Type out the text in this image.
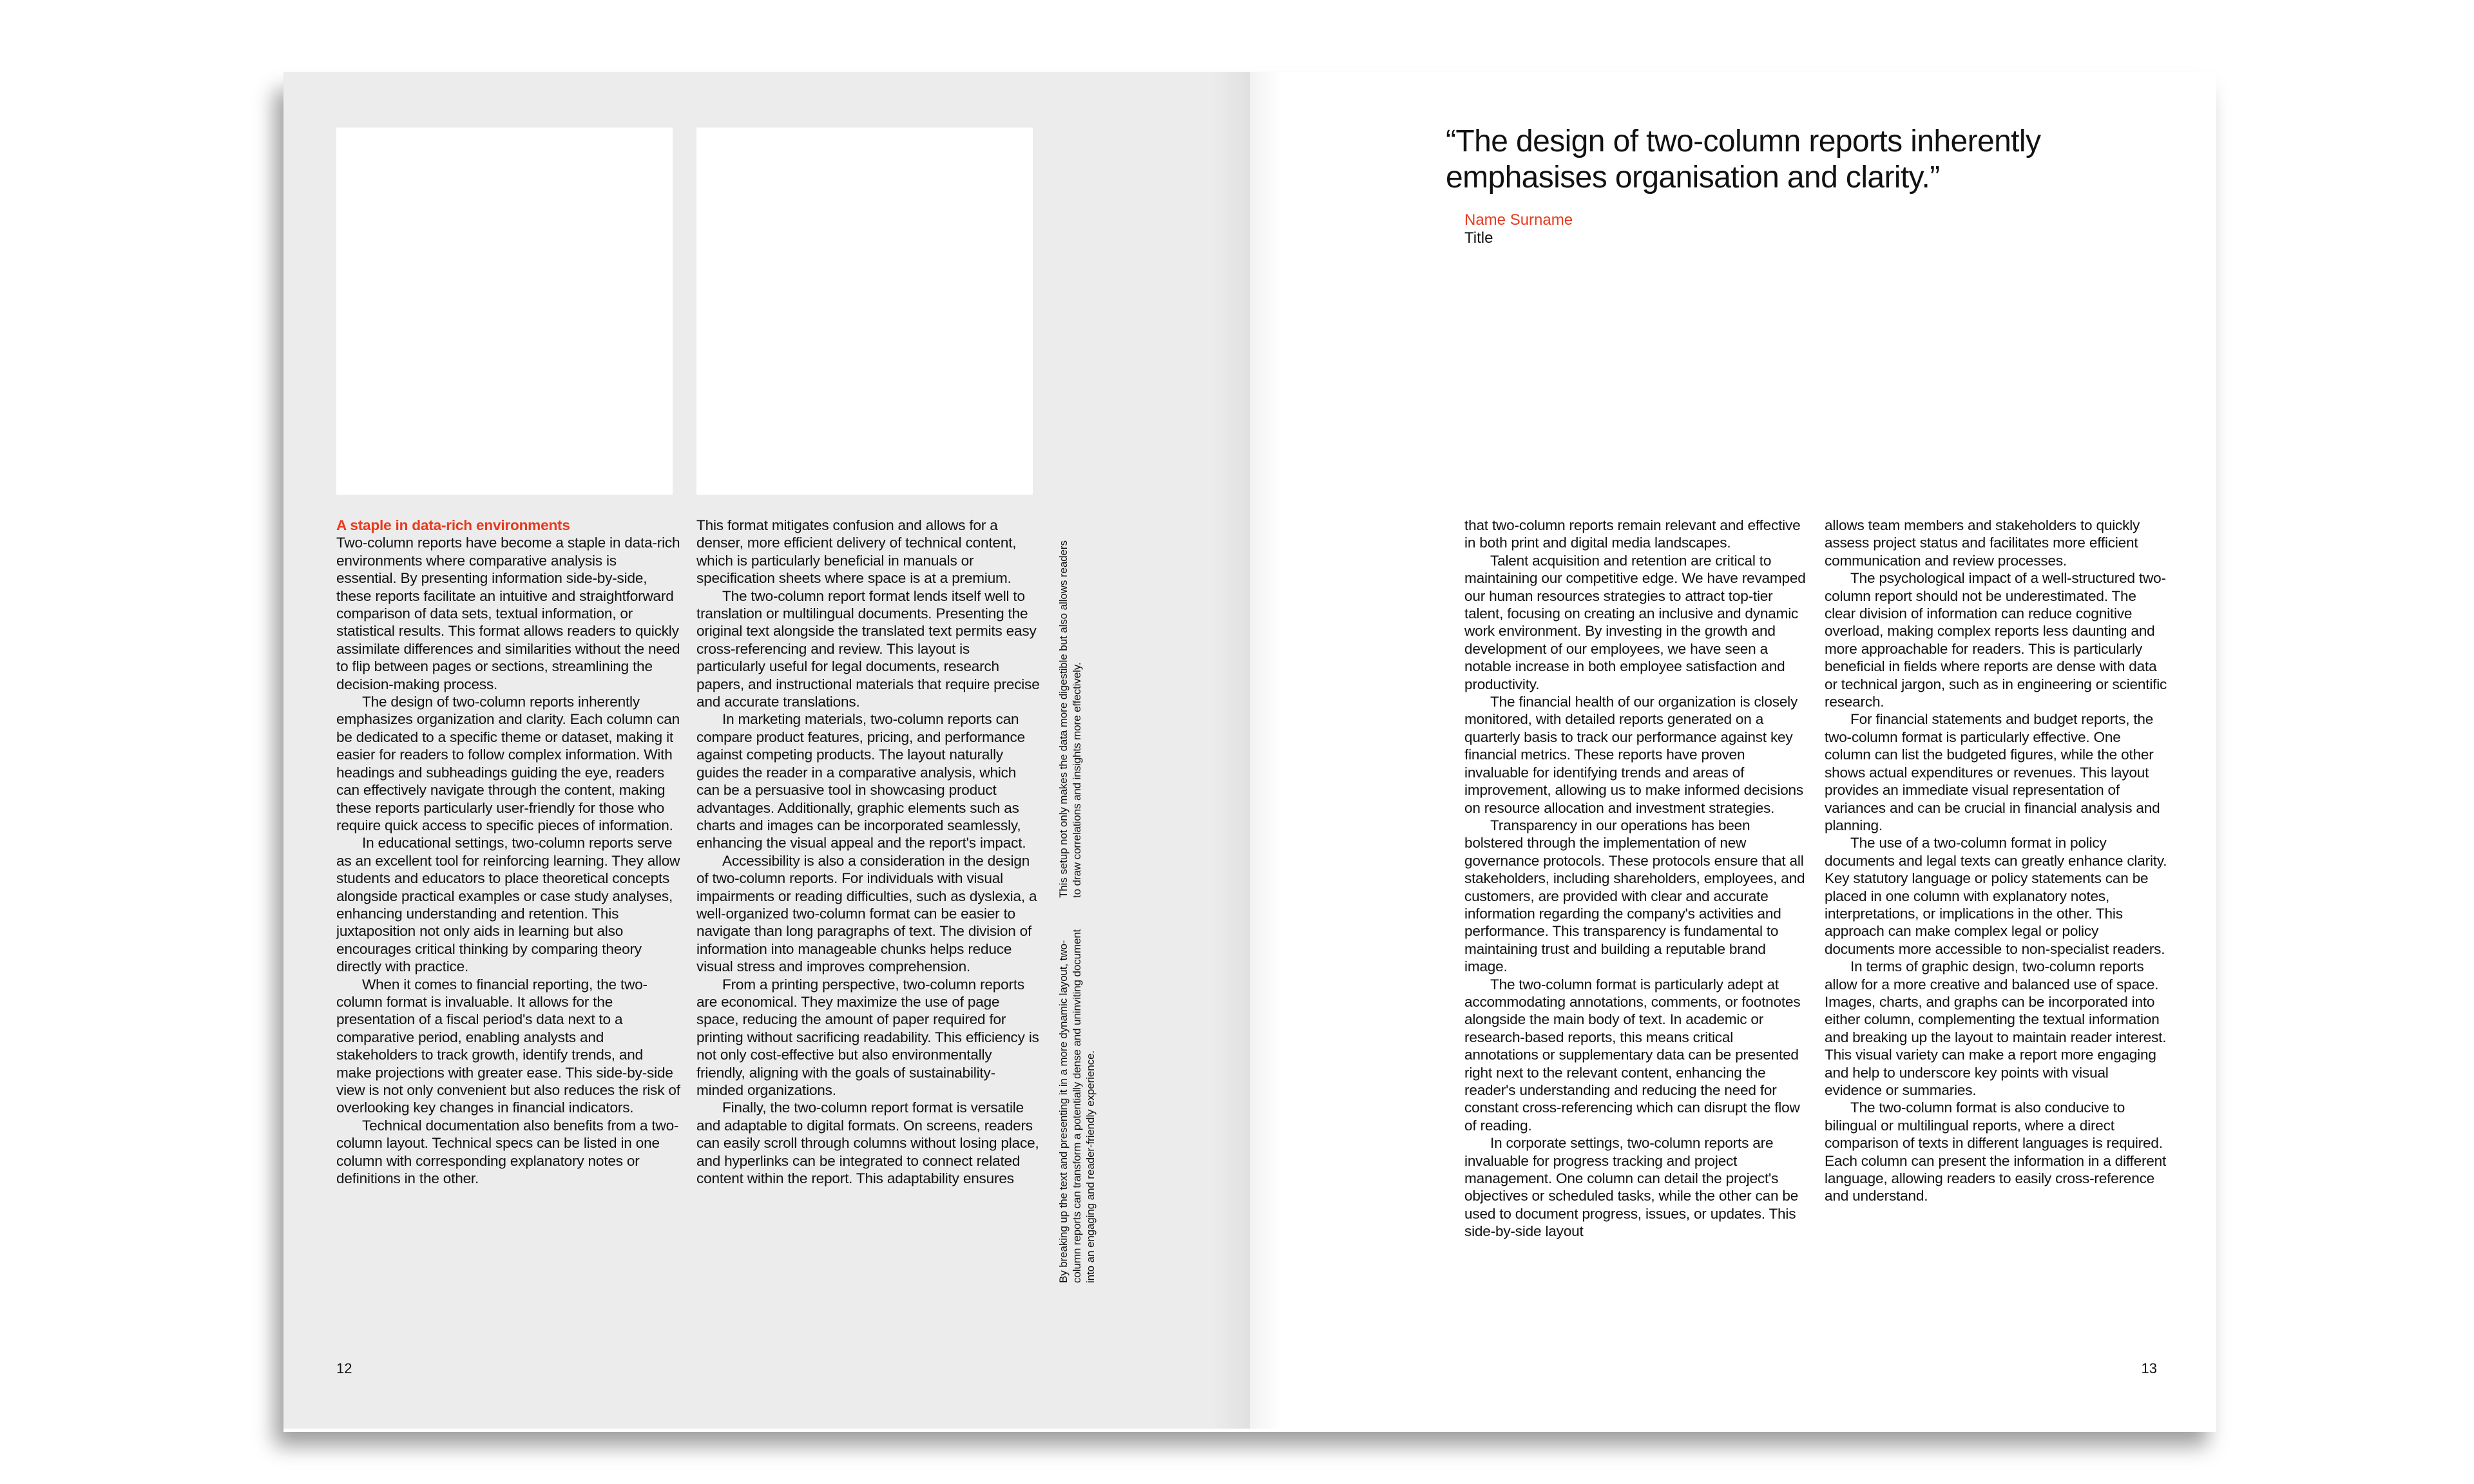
A staple in data-rich environments

Two-column reports have become a staple in data-rich environments where comparative analysis is essential. By presenting information side-by-side, these reports facilitate an intuitive and straightforward comparison of data sets, textual information, or statistical results. This format allows readers to quickly assimilate differences and similarities without the need to flip between pages or sections, streamlining the decision-making process.

The design of two-column reports inherently emphasizes organization and clarity. Each column can be dedicated to a specific theme or dataset, making it easier for readers to follow complex information. With headings and subheadings guiding the eye, readers can effectively navigate through the content, making these reports particularly user-friendly for those who require quick access to specific pieces of information.

In educational settings, two-column reports serve as an excellent tool for reinforcing learning. They allow students and educators to place theoretical concepts alongside practical examples or case study analyses, enhancing understanding and retention. This juxtaposition not only aids in learning but also encourages critical thinking by comparing theory directly with practice.

When it comes to financial reporting, the two-column format is invaluable. It allows for the presentation of a fiscal period's data next to a comparative period, enabling analysts and stakeholders to track growth, identify trends, and make projections with greater ease. This side-by-side view is not only convenient but also reduces the risk of overlooking key changes in financial indicators.

Technical documentation also benefits from a two-column layout. Technical specs can be listed in one column with corresponding explanatory notes or definitions in the other.

This format mitigates confusion and allows for a denser, more efficient delivery of technical content, which is particularly beneficial in manuals or specification sheets where space is at a premium.

The two-column report format lends itself well to translation or multilingual documents. Presenting the original text alongside the translated text permits easy cross-referencing and review. This layout is particularly useful for legal documents, research papers, and instructional materials that require precise and accurate translations.

In marketing materials, two-column reports can compare product features, pricing, and performance against competing products. The layout naturally guides the reader in a comparative analysis, which can be a persuasive tool in showcasing product advantages. Additionally, graphic elements such as charts and images can be incorporated seamlessly, enhancing the visual appeal and the report's impact.

Accessibility is also a consideration in the design of two-column reports. For individuals with visual impairments or reading difficulties, such as dyslexia, a well-organized two-column format can be easier to navigate than long paragraphs of text. The division of information into manageable chunks helps reduce visual stress and improves comprehension.

From a printing perspective, two-column reports are economical. They maximize the use of page space, reducing the amount of paper required for printing without sacrificing readability. This efficiency is not only cost-effective but also environmentally friendly, aligning with the goals of sustainability-minded organizations.

Finally, the two-column report format is versatile and adaptable to digital formats. On screens, readers can easily scroll through columns without losing place, and hyperlinks can be integrated to connect related content within the report. This adaptability ensures	By breaking up the text and presenting it in a more dynamic layout, two-column reports can transform a potentially dense and uninviting document into an engaging and reader-friendly experience.

This setup not only makes the data more digestible but also allows readers to draw correlations and insights more effectively.

12
“The design of two-column reports inherently emphasises organisation and clarity.”
Name Surname
Title

that two-column reports remain relevant and effective in both print and digital media landscapes.

Talent acquisition and retention are critical to maintaining our competitive edge. We have revamped our human resources strategies to attract top-tier talent, focusing on creating an inclusive and dynamic work environment. By investing in the growth and development of our employees, we have seen a notable increase in both employee satisfaction and productivity.

The financial health of our organization is closely monitored, with detailed reports generated on a quarterly basis to track our performance against key financial metrics. These reports have proven invaluable for identifying trends and areas of improvement, allowing us to make informed decisions on resource allocation and investment strategies.

Transparency in our operations has been bolstered through the implementation of new governance protocols. These protocols ensure that all stakeholders, including shareholders, employees, and customers, are provided with clear and accurate information regarding the company's activities and performance. This transparency is fundamental to maintaining trust and building a reputable brand image.

The two-column format is particularly adept at accommodating annotations, comments, or footnotes alongside the main body of text. In academic or research-based reports, this means critical annotations or supplementary data can be presented right next to the relevant content, enhancing the reader's understanding and reducing the need for constant cross-referencing which can disrupt the flow of reading.

In corporate settings, two-column reports are invaluable for progress tracking and project management. One column can detail the project's objectives or scheduled tasks, while the other can be used to document progress, issues, or updates. This side-by-side layout

allows team members and stakeholders to quickly assess project status and facilitates more efficient communication and review processes.

The psychological impact of a well-structured two-column report should not be underestimated. The clear division of information can reduce cognitive overload, making complex reports less daunting and more approachable for readers. This is particularly beneficial in fields where reports are dense with data or technical jargon, such as in engineering or scientific research.

For financial statements and budget reports, the two-column format is particularly effective. One column can list the budgeted figures, while the other shows actual expenditures or revenues. This layout provides an immediate visual representation of variances and can be crucial in financial analysis and planning.

The use of a two-column format in policy documents and legal texts can greatly enhance clarity. Key statutory language or policy statements can be placed in one column with explanatory notes, interpretations, or implications in the other. This approach can make complex legal or policy documents more accessible to non-specialist readers.

In terms of graphic design, two-column reports allow for a more creative and balanced use of space. Images, charts, and graphs can be incorporated into either column, complementing the textual information and breaking up the layout to maintain reader interest. This visual variety can make a report more engaging and help to underscore key points with visual evidence or summaries.

The two-column format is also conducive to bilingual or multilingual reports, where a direct comparison of texts in different languages is required. Each column can present the information in a different language, allowing readers to easily cross-reference and understand.

13
